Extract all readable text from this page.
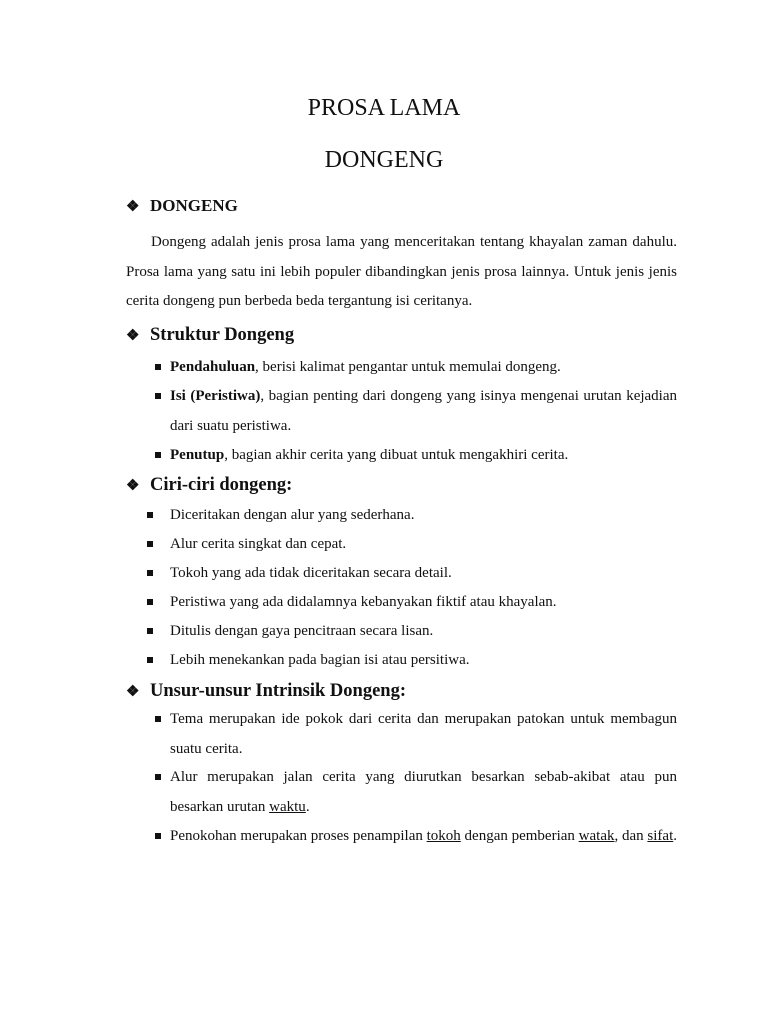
PROSA LAMA
DONGENG
❖ DONGENG

Dongeng adalah jenis prosa lama yang menceritakan tentang khayalan zaman dahulu. Prosa lama yang satu ini lebih populer dibandingkan jenis prosa lainnya. Untuk jenis jenis cerita dongeng pun berbeda beda tergantung isi ceritanya.

❖ Struktur Dongeng
Pendahuluan, berisi kalimat pengantar untuk memulai dongeng.
Isi (Peristiwa), bagian penting dari dongeng yang isinya mengenai urutan kejadian dari suatu peristiwa.
Penutup, bagian akhir cerita yang dibuat untuk mengakhiri cerita.
❖ Ciri-ciri dongeng:
Diceritakan dengan alur yang sederhana.
Alur cerita singkat dan cepat.
Tokoh yang ada tidak diceritakan secara detail.
Peristiwa yang ada didalamnya kebanyakan fiktif atau khayalan.
Ditulis dengan gaya pencitraan secara lisan.
Lebih menekankan pada bagian isi atau persitiwa.
❖ Unsur-unsur Intrinsik Dongeng:
Tema merupakan ide pokok dari cerita dan merupakan patokan untuk membagun suatu cerita.
Alur merupakan jalan cerita yang diurutkan besarkan sebab-akibat atau pun besarkan urutan waktu.
Penokohan merupakan proses penampilan tokoh dengan pemberian watak, dan sifat.
